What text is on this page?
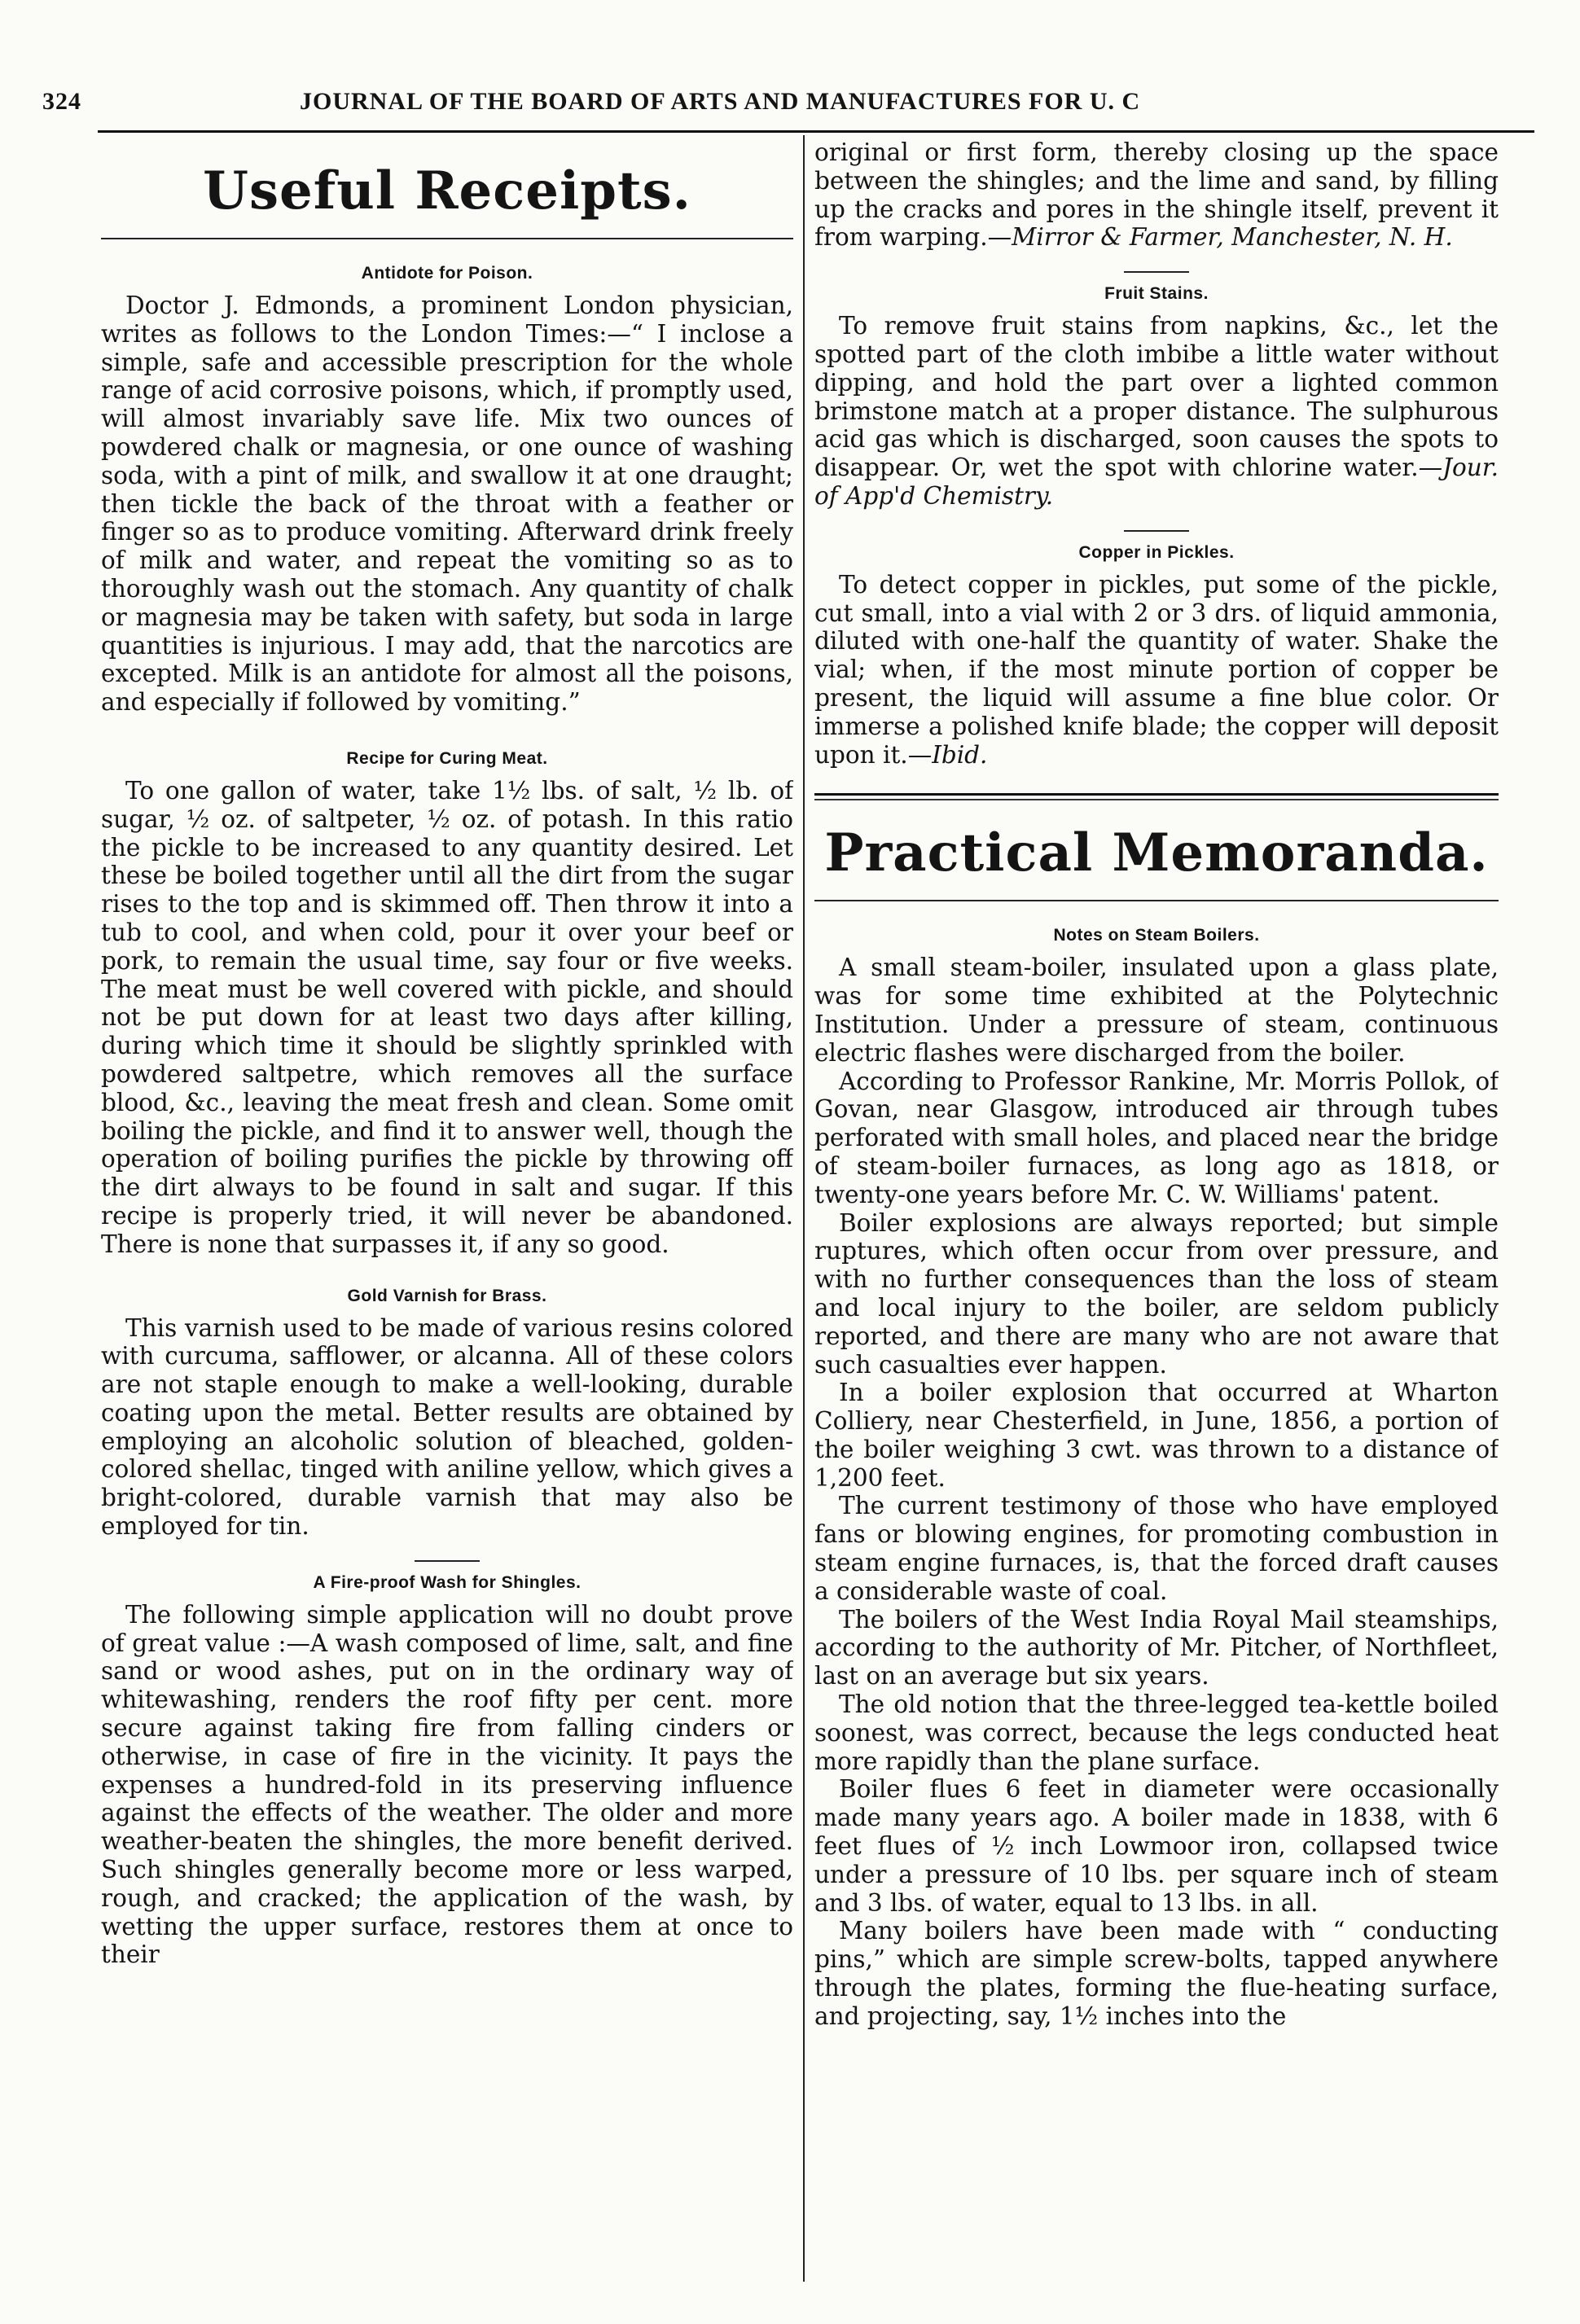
324	JOURNAL OF THE BOARD OF ARTS AND MANUFACTURES FOR U. C
Useful Receipts.
Antidote for Poison.

Doctor J. Edmonds, a prominent London physician, writes as follows to the London Times:—“ I inclose a simple, safe and accessible prescription for the whole range of acid corrosive poisons, which, if promptly used, will almost invariably save life. Mix two ounces of powdered chalk or magnesia, or one ounce of washing soda, with a pint of milk, and swallow it at one draught; then tickle the back of the throat with a feather or finger so as to produce vomiting. Afterward drink freely of milk and water, and repeat the vomiting so as to thoroughly wash out the stomach. Any quantity of chalk or magnesia may be taken with safety, but soda in large quantities is injurious. I may add, that the narcotics are excepted. Milk is an antidote for almost all the poisons, and especially if followed by vomiting.”

Recipe for Curing Meat.

To one gallon of water, take 1½ lbs. of salt, ½ lb. of sugar, ½ oz. of saltpeter, ½ oz. of potash. In this ratio the pickle to be increased to any quantity desired. Let these be boiled together until all the dirt from the sugar rises to the top and is skimmed off. Then throw it into a tub to cool, and when cold, pour it over your beef or pork, to remain the usual time, say four or five weeks. The meat must be well covered with pickle, and should not be put down for at least two days after killing, during which time it should be slightly sprinkled with powdered saltpetre, which removes all the surface blood, &c., leaving the meat fresh and clean. Some omit boiling the pickle, and find it to answer well, though the operation of boiling purifies the pickle by throwing off the dirt always to be found in salt and sugar. If this recipe is properly tried, it will never be abandoned. There is none that surpasses it, if any so good.

Gold Varnish for Brass.

This varnish used to be made of various resins colored with curcuma, safflower, or alcanna. All of these colors are not staple enough to make a well-looking, durable coating upon the metal. Better results are obtained by employing an alcoholic solution of bleached, golden-colored shellac, tinged with aniline yellow, which gives a bright-colored, durable varnish that may also be employed for tin.

A Fire-proof Wash for Shingles.

The following simple application will no doubt prove of great value :—A wash composed of lime, salt, and fine sand or wood ashes, put on in the ordinary way of whitewashing, renders the roof fifty per cent. more secure against taking fire from falling cinders or otherwise, in case of fire in the vicinity. It pays the expenses a hundred-fold in its preserving influence against the effects of the weather. The older and more weather-beaten the shingles, the more benefit derived. Such shingles generally become more or less warped, rough, and cracked; the application of the wash, by wetting the upper surface, restores them at once to their

original or first form, thereby closing up the space between the shingles; and the lime and sand, by filling up the cracks and pores in the shingle itself, prevent it from warping.—Mirror & Farmer, Manchester, N. H.

Fruit Stains.

To remove fruit stains from napkins, &c., let the spotted part of the cloth imbibe a little water without dipping, and hold the part over a lighted common brimstone match at a proper distance. The sulphurous acid gas which is discharged, soon causes the spots to disappear. Or, wet the spot with chlorine water.—Jour. of App'd Chemistry.

Copper in Pickles.

To detect copper in pickles, put some of the pickle, cut small, into a vial with 2 or 3 drs. of liquid ammonia, diluted with one-half the quantity of water. Shake the vial; when, if the most minute portion of copper be present, the liquid will assume a fine blue color. Or immerse a polished knife blade; the copper will deposit upon it.—Ibid.

Practical Memoranda.
Notes on Steam Boilers.

A small steam-boiler, insulated upon a glass plate, was for some time exhibited at the Polytechnic Institution. Under a pressure of steam, continuous electric flashes were discharged from the boiler.

According to Professor Rankine, Mr. Morris Pollok, of Govan, near Glasgow, introduced air through tubes perforated with small holes, and placed near the bridge of steam-boiler furnaces, as long ago as 1818, or twenty-one years before Mr. C. W. Williams' patent.

Boiler explosions are always reported; but simple ruptures, which often occur from over pressure, and with no further consequences than the loss of steam and local injury to the boiler, are seldom publicly reported, and there are many who are not aware that such casualties ever happen.

In a boiler explosion that occurred at Wharton Colliery, near Chesterfield, in June, 1856, a portion of the boiler weighing 3 cwt. was thrown to a distance of 1,200 feet.

The current testimony of those who have employed fans or blowing engines, for promoting combustion in steam engine furnaces, is, that the forced draft causes a considerable waste of coal.

The boilers of the West India Royal Mail steamships, according to the authority of Mr. Pitcher, of Northfleet, last on an average but six years.

The old notion that the three-legged tea-kettle boiled soonest, was correct, because the legs conducted heat more rapidly than the plane surface.

Boiler flues 6 feet in diameter were occasionally made many years ago. A boiler made in 1838, with 6 feet flues of ½ inch Lowmoor iron, collapsed twice under a pressure of 10 lbs. per square inch of steam and 3 lbs. of water, equal to 13 lbs. in all.

Many boilers have been made with “ conducting pins,” which are simple screw-bolts, tapped anywhere through the plates, forming the flue-heating surface, and projecting, say, 1½ inches into the
